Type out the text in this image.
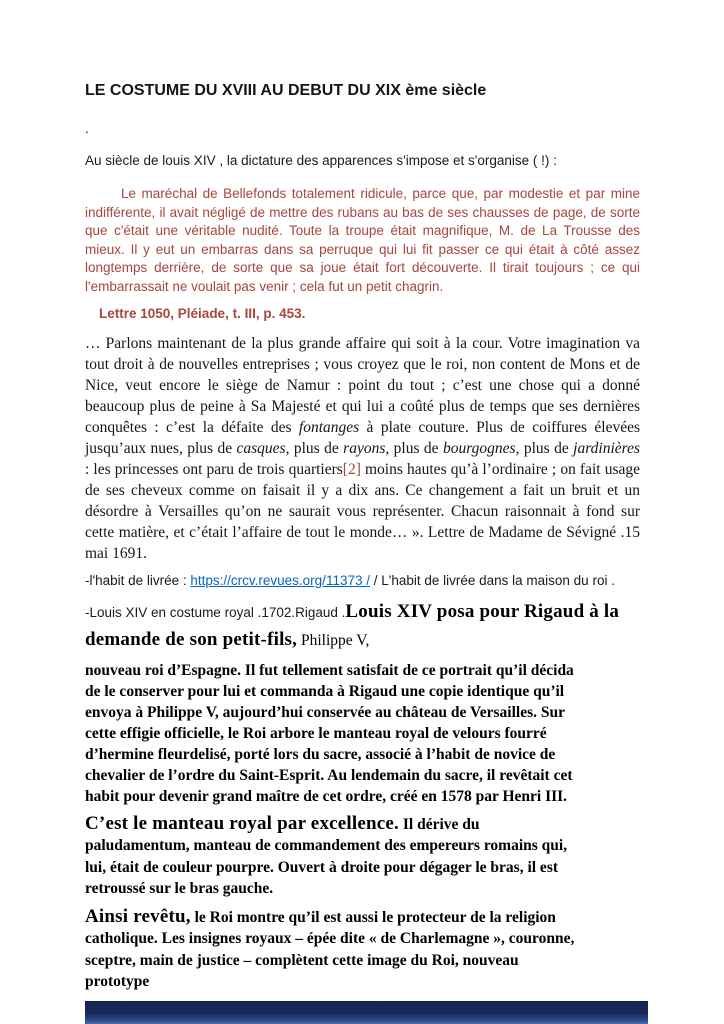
LE COSTUME DU XVIII AU DEBUT DU XIX ème siècle

.

Au siècle de louis XIV , la dictature des apparences s'impose et s'organise ( !) :

Le maréchal de Bellefonds totalement ridicule, parce que, par modestie et par mine indifférente, il avait négligé de mettre des rubans au bas de ses chausses de page, de sorte que c'était une véritable nudité. Toute la troupe était magnifique, M. de La Trousse des mieux. Il y eut un embarras dans sa perruque qui lui fit passer ce qui était à côté assez longtemps derrière, de sorte que sa joue était fort découverte. Il tirait toujours ; ce qui l'embarrassait ne voulait pas venir ; cela fut un petit chagrin.

Lettre 1050, Pléiade, t. III, p. 453.

… Parlons maintenant de la plus grande affaire qui soit à la cour. Votre imagination va tout droit à de nouvelles entreprises ; vous croyez que le roi, non content de Mons et de Nice, veut encore le siège de Namur : point du tout ; c’est une chose qui a donné beaucoup plus de peine à Sa Majesté et qui lui a coûté plus de temps que ses dernières conquêtes : c’est la défaite des fontanges à plate couture. Plus de coiffures élevées jusqu’aux nues, plus de casques, plus de rayons, plus de bourgognes, plus de jardinières : les princesses ont paru de trois quartiers[2] moins hautes qu’à l’ordinaire ; on fait usage de ses cheveux comme on faisait il y a dix ans. Ce changement a fait un bruit et un désordre à Versailles qu’on ne saurait vous représenter. Chacun raisonnait à fond sur cette matière, et c’était l’affaire de tout le monde… ». Lettre de Madame de Sévigné .15 mai 1691.

-l'habit de livrée : https://crcv.revues.org/11373 / / L'habit de livrée dans la maison du roi .

-Louis XIV en costume royal .1702.Rigaud .Louis XIV posa pour Rigaud à la demande de son petit-fils, Philippe V,

nouveau roi d’Espagne. Il fut tellement satisfait de ce portrait qu’il décida de le conserver pour lui et commanda à Rigaud une copie identique qu’il envoya à Philippe V, aujourd’hui conservée au château de Versailles. Sur cette effigie officielle, le Roi arbore le manteau royal de velours fourré d’hermine fleurdelisé, porté lors du sacre, associé à l’habit de novice de chevalier de l’ordre du Saint-Esprit. Au lendemain du sacre, il revêtait cet habit pour devenir grand maître de cet ordre, créé en 1578 par Henri III.

C’est le manteau royal par excellence. Il dérive du paludamentum, manteau de commandement des empereurs romains qui, lui, était de couleur pourpre. Ouvert à droite pour dégager le bras, il est retroussé sur le bras gauche.

Ainsi revêtu, le Roi montre qu’il est aussi le protecteur de la religion catholique. Les insignes royaux – épée dite « de Charlemagne », couronne, sceptre, main de justice – complètent cette image du Roi, nouveau prototype
